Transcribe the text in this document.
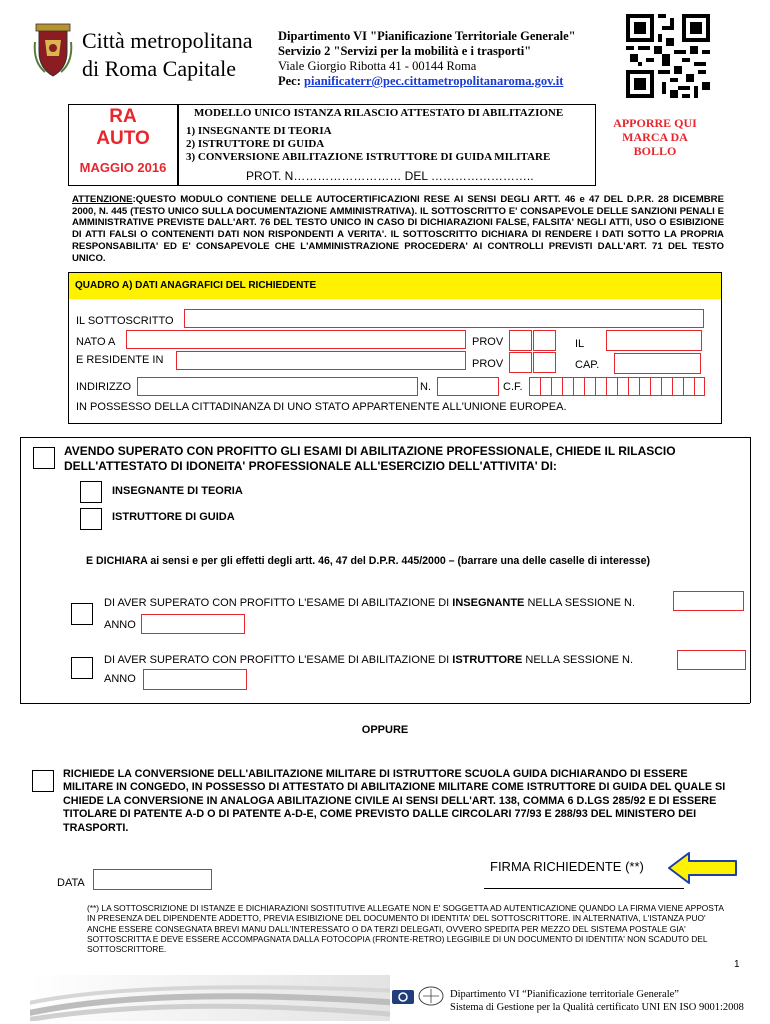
Città metropolitana
di Roma Capitale
Dipartimento VI "Pianificazione Territoriale Generale"
Servizio 2 "Servizi per la mobilità e i trasporti"
Viale Giorgio Ribotta 41 - 00144 Roma
Pec: pianificaterr@pec.cittametropolitanaroma.gov.it
RA
AUTO
MAGGIO 2016
MODELLO UNICO ISTANZA RILASCIO ATTESTATO DI ABILITAZIONE
1) INSEGNANTE DI TEORIA
2) ISTRUTTORE DI GUIDA
3) CONVERSIONE ABILITAZIONE ISTRUTTORE DI GUIDA MILITARE
PROT. N……………………… DEL ……………………..
APPORRE QUI MARCA DA BOLLO
ATTENZIONE:QUESTO MODULO CONTIENE DELLE AUTOCERTIFICAZIONI RESE AI SENSI DEGLI ARTT. 46 e 47 DEL D.P.R. 28 DICEMBRE 2000, N. 445 (TESTO UNICO SULLA DOCUMENTAZIONE AMMINISTRATIVA). IL SOTTOSCRITTO E' CONSAPEVOLE DELLE SANZIONI PENALI E AMMINISTRATIVE PREVISTE DALL'ART. 76 DEL TESTO UNICO IN CASO DI DICHIARAZIONI FALSE, FALSITA' NEGLI ATTI, USO O ESIBIZIONE DI ATTI FALSI O CONTENENTI DATI NON RISPONDENTI A VERITA'. IL SOTTOSCRITTO DICHIARA DI RENDERE I DATI SOTTO LA PROPRIA RESPONSABILITA' ED E' CONSAPEVOLE CHE L'AMMINISTRAZIONE PROCEDERA' AI CONTROLLI PREVISTI DALL'ART. 71 DEL TESTO UNICO.
QUADRO A) DATI ANAGRAFICI DEL RICHIEDENTE
IL SOTTOSCRITTO
NATO A	PROV	IL
E RESIDENTE IN	PROV	CAP.
INDIRIZZO	N.	C.F.
IN POSSESSO DELLA CITTADINANZA DI UNO STATO APPARTENENTE ALL'UNIONE EUROPEA.
AVENDO SUPERATO CON PROFITTO GLI ESAMI DI ABILITAZIONE PROFESSIONALE, CHIEDE IL RILASCIO DELL'ATTESTATO DI IDONEITA' PROFESSIONALE ALL'ESERCIZIO DELL'ATTIVITA' DI:
INSEGNANTE DI TEORIA
ISTRUTTORE DI GUIDA
E DICHIARA ai sensi e per gli effetti degli artt. 46, 47 del D.P.R. 445/2000 – (barrare una delle caselle di interesse)
DI AVER SUPERATO CON PROFITTO L'ESAME DI ABILITAZIONE DI INSEGNANTE NELLA SESSIONE N.
ANNO
DI AVER SUPERATO CON PROFITTO L'ESAME DI ABILITAZIONE DI ISTRUTTORE NELLA SESSIONE N.
ANNO
OPPURE
RICHIEDE LA CONVERSIONE DELL'ABILITAZIONE MILITARE DI ISTRUTTORE SCUOLA GUIDA DICHIARANDO DI ESSERE MILITARE IN CONGEDO, IN POSSESSO DI ATTESTATO DI ABILITAZIONE MILITARE COME ISTRUTTORE DI GUIDA DEL QUALE SI CHIEDE LA CONVERSIONE IN ANALOGA ABILITAZIONE CIVILE AI SENSI DELL'ART. 138, COMMA 6 D.LGS 285/92 E DI ESSERE TITOLARE DI PATENTE A-D O DI PATENTE A-D-E, COME PREVISTO DALLE CIRCOLARI 77/93 E 288/93 DEL MINISTERO DEI TRASPORTI.
DATA
FIRMA RICHIEDENTE (**)
(**) LA SOTTOSCRIZIONE DI ISTANZE E DICHIARAZIONI SOSTITUTIVE ALLEGATE NON E' SOGGETTA AD AUTENTICAZIONE QUANDO LA FIRMA VIENE APPOSTA IN PRESENZA DEL DIPENDENTE ADDETTO, PREVIA ESIBIZIONE DEL DOCUMENTO DI IDENTITA' DEL SOTTOSCRITTORE. IN ALTERNATIVA, L'ISTANZA PUO' ANCHE ESSERE CONSEGNATA BREVI MANU DALL'INTERESSATO O DA TERZI DELEGATI, OVVERO SPEDITA PER MEZZO DEL SISTEMA POSTALE GIA' SOTTOSCRITTA E DEVE ESSERE ACCOMPAGNATA DALLA FOTOCOPIA (FRONTE-RETRO) LEGGIBILE DI UN DOCUMENTO DI IDENTITA' NON SCADUTO DEL SOTTOSCRITTORE.
1
Dipartimento VI “Pianificazione territoriale Generale”
Sistema di Gestione per la Qualità certificato UNI EN ISO 9001:2008
